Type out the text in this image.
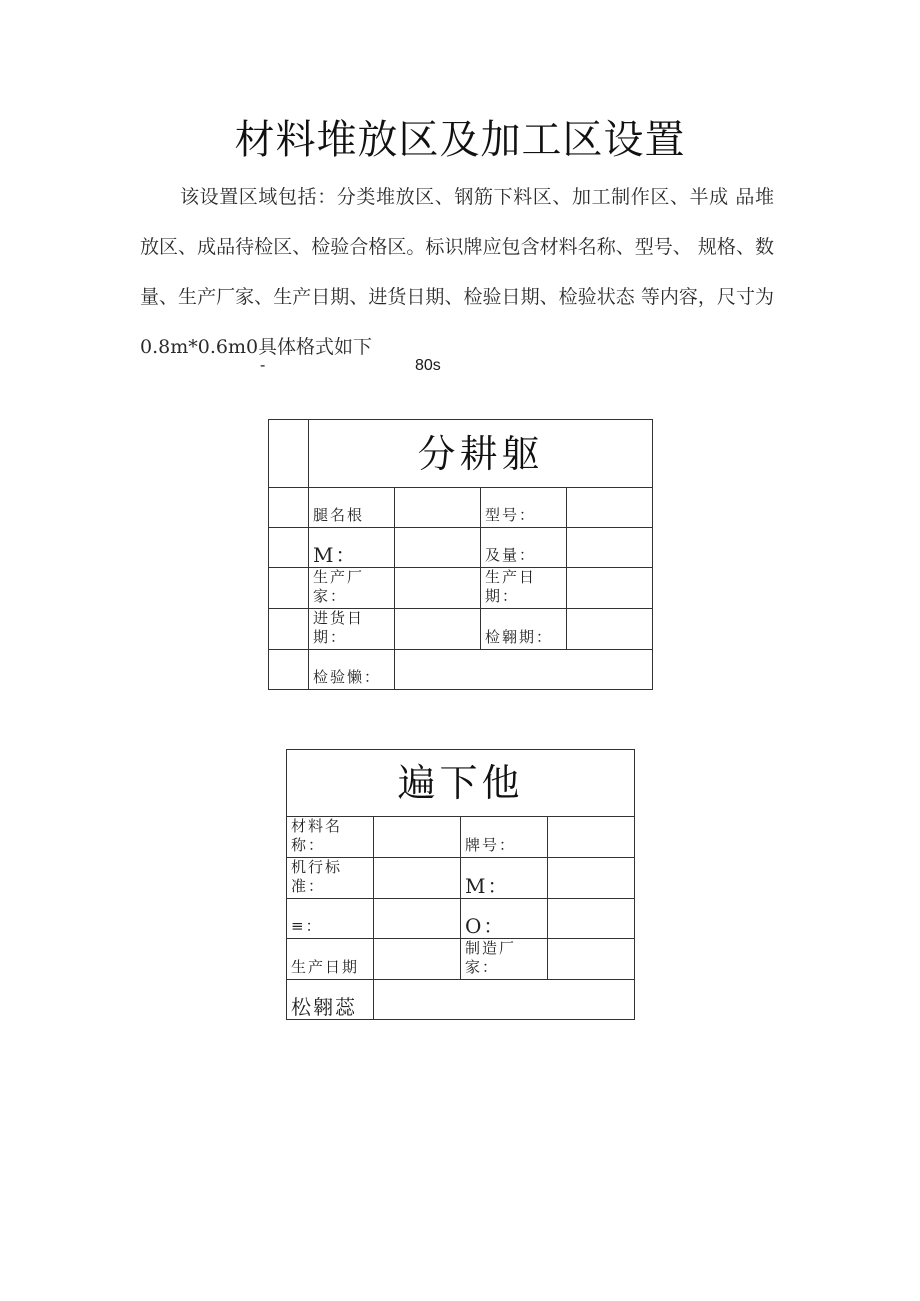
材料堆放区及加工区设置
该设置区域包括：分类堆放区、钢筋下料区、加工制作区、半成 品堆放区、成品待检区、检验合格区。标识牌应包含材料名称、型号、 规格、数量、生产厂家、生产日期、进货日期、检验日期、检验状态 等内容，尺寸为0.8m*0.6m0具体格式如下
-	80s
	分耕躯			
	腿名根		型号：	
	M：		及量：	
	生产厂家：		生产日期：	
	进货日期：		检翱期：	
	检验懒：			
遍下他			
材料名称：		牌号：	
机行标准：		M：	
≡：		O：	
生产日期		制造厂家：	
松翱蕊			
